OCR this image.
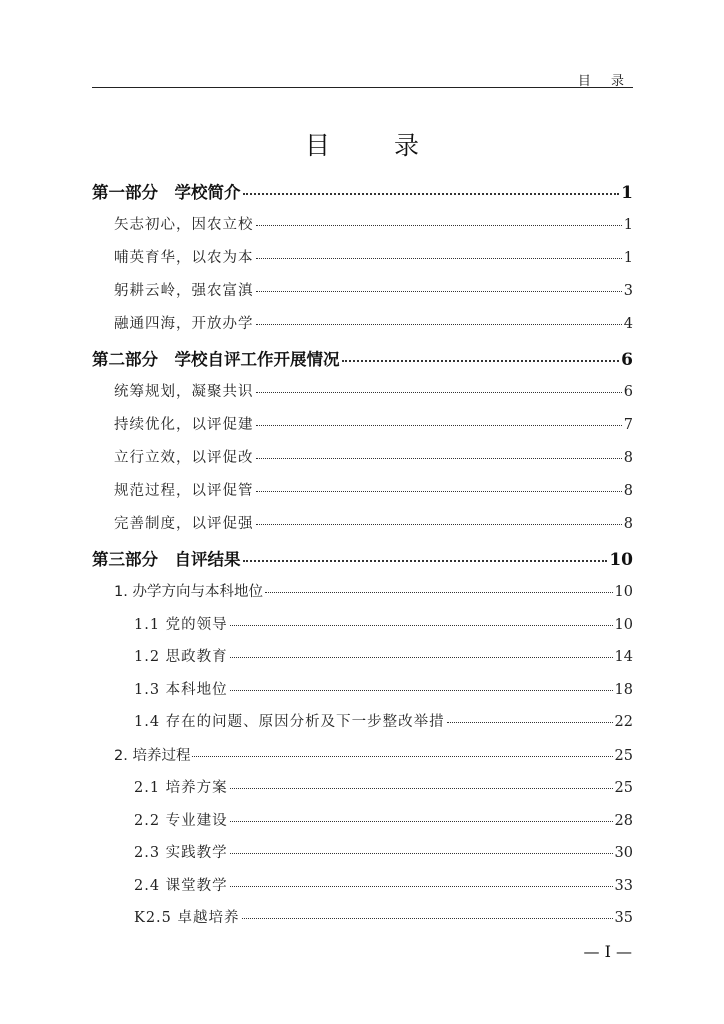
目 录
目 录
第一部分　学校简介	1
矢志初心，因农立校	1
哺英育华，以农为本	1
躬耕云岭，强农富滇	3
融通四海，开放办学	4
第二部分　学校自评工作开展情况	6
统筹规划，凝聚共识	6
持续优化，以评促建	7
立行立效，以评促改	8
规范过程，以评促管	8
完善制度，以评促强	8
第三部分　自评结果	10
1. 办学方向与本科地位	10
1.1 党的领导	10
1.2 思政教育	14
1.3 本科地位	18
1.4 存在的问题、原因分析及下一步整改举措	22
2. 培养过程	25
2.1 培养方案	25
2.2 专业建设	28
2.3 实践教学	30
2.4 课堂教学	33
K2.5 卓越培养	35
— I —
